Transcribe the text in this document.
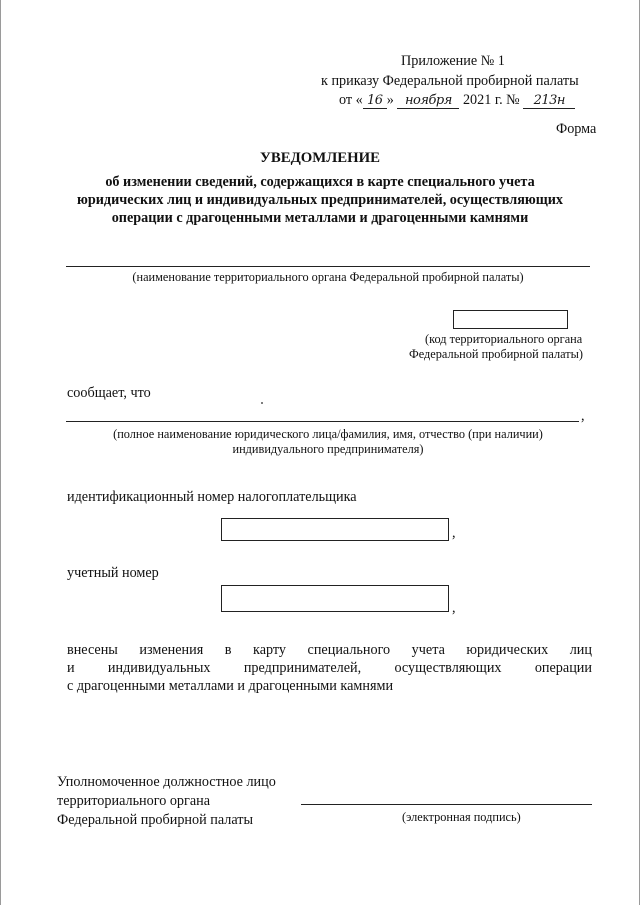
Приложение № 1
к приказу Федеральной пробирной палаты
от « 16 » ноября 2021 г. № 213н
Форма
УВЕДОМЛЕНИЕ
об изменении сведений, содержащихся в карте специального учета
юридических лиц и индивидуальных предпринимателей, осуществляющих
операции с драгоценными металлами и драгоценными камнями
(наименование территориального органа Федеральной пробирной палаты)
(код территориального органа
Федеральной пробирной палаты)
сообщает, что
,
(полное наименование юридического лица/фамилия, имя, отчество (при наличии)
индивидуального предпринимателя)
идентификационный номер налогоплательщика
,
учетный номер
,
внесены изменения в карту специального учета юридических лиц
и индивидуальных предпринимателей, осуществляющих операции
с драгоценными металлами и драгоценными камнями
Уполномоченное должностное лицо
территориального органа
Федеральной пробирной палаты	(электронная подпись)
